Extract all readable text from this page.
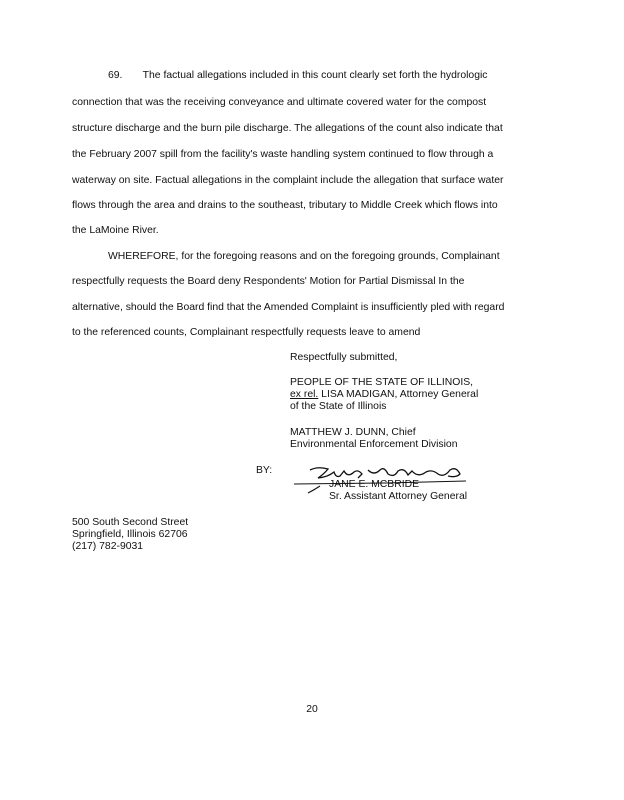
69.       The factual allegations included in this count clearly set forth the hydrologic
connection that was the receiving conveyance and ultimate covered water for the compost
structure discharge and the burn pile discharge. The allegations of the count also indicate that
the February 2007 spill from the facility's waste handling system continued to flow through a
waterway on site. Factual allegations in the complaint include the allegation that surface water
flows through the area and drains to the southeast, tributary to Middle Creek which flows into
the LaMoine River.
WHEREFORE, for the foregoing reasons and on the foregoing grounds, Complainant
respectfully requests the Board deny Respondents' Motion for Partial Dismissal In the
alternative, should the Board find that the Amended Complaint is insufficiently pled with regard
to the referenced counts, Complainant respectfully requests leave to amend
Respectfully submitted,
PEOPLE OF THE STATE OF ILLINOIS,
ex rel. LISA MADIGAN, Attorney General
of the State of Illinois
MATTHEW J. DUNN, Chief
Environmental Enforcement Division
BY:
JANE E. MCBRIDE
Sr. Assistant Attorney General
500 South Second Street
Springfield, Illinois 62706
(217) 782-9031
20
